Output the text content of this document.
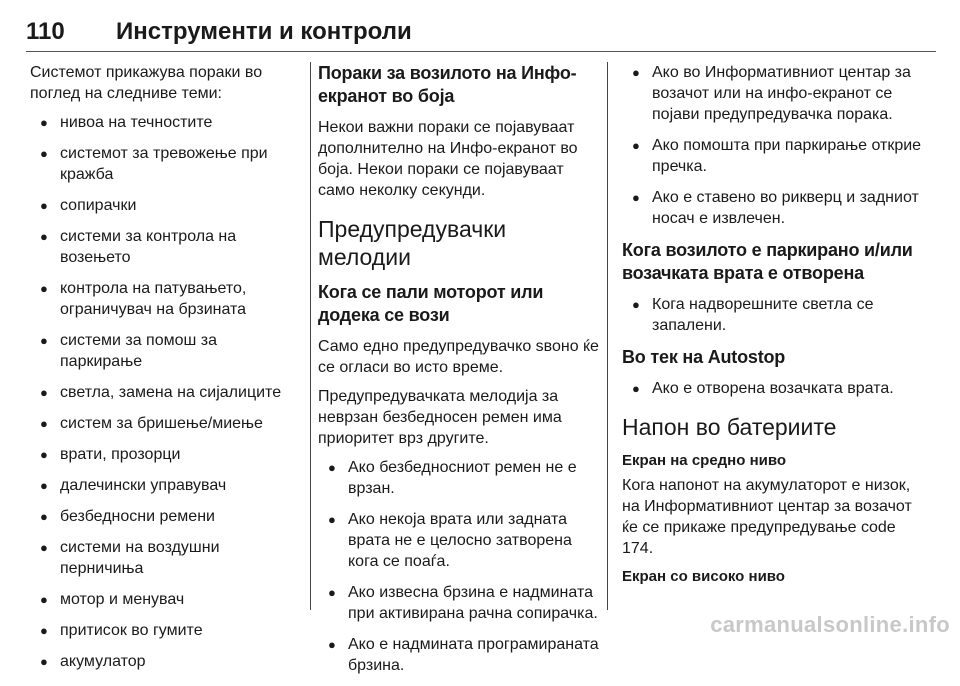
110 Инструменти и контроли

Системот прикажува пораки во поглед на следниве теми:

● нивоа на течностите
● системот за тревожење при кражба
● сопирачки
● системи за контрола на возењето
● контрола на патувањето, ограничувач на брзината
● системи за помош за паркирање
● светла, замена на сијалиците
● систем за бришење/миење
● врати, прозорци
● далечински управувач
● безбедносни ремени
● системи на воздушни перничиња
● мотор и менувач
● притисок во гумите
● акумулатор
Пораки за возилото на Инфо-екранот во боја

Некои важни пораки се појавуваат дополнително на Инфо-екранот во боја. Некои пораки се појавуваат само неколку секунди.

Предупредувачки мелодии
Кога се пали моторот или додека се вози

Само едно предупредувачко ѕвоно ќе се огласи во исто време.

Предупредувачката мелодија за неврзан безбедносен ремен има приоритет врз другите.

● Ако безбедносниот ремен не е врзан.
● Ако некоја врата или задната врата не е целосно затворена кога се поаѓа.
● Ако извесна брзина е надмината при активирана рачна сопирачка.
● Ако е надмината програмираната брзина.
● Ако во Информативниот центар за возачот или на инфо-екранот се појави предупредувачка порака.
● Ако помошта при паркирање открие пречка.
● Ако е ставено во рикверц и задниот носач е извлечен.
Кога возилото е паркирано и/или возачката врата е отворена
● Кога надворешните светла се запалени.
Во тек на Autostop
● Ако е отворена возачката врата.
Напон во батериите
Екран на средно ниво

Кога напонот на акумулаторот е низок, на Информативниот центар за возачот ќе се прикаже предупредување code 174.

Екран со високо ниво
carmanualsonline.info
